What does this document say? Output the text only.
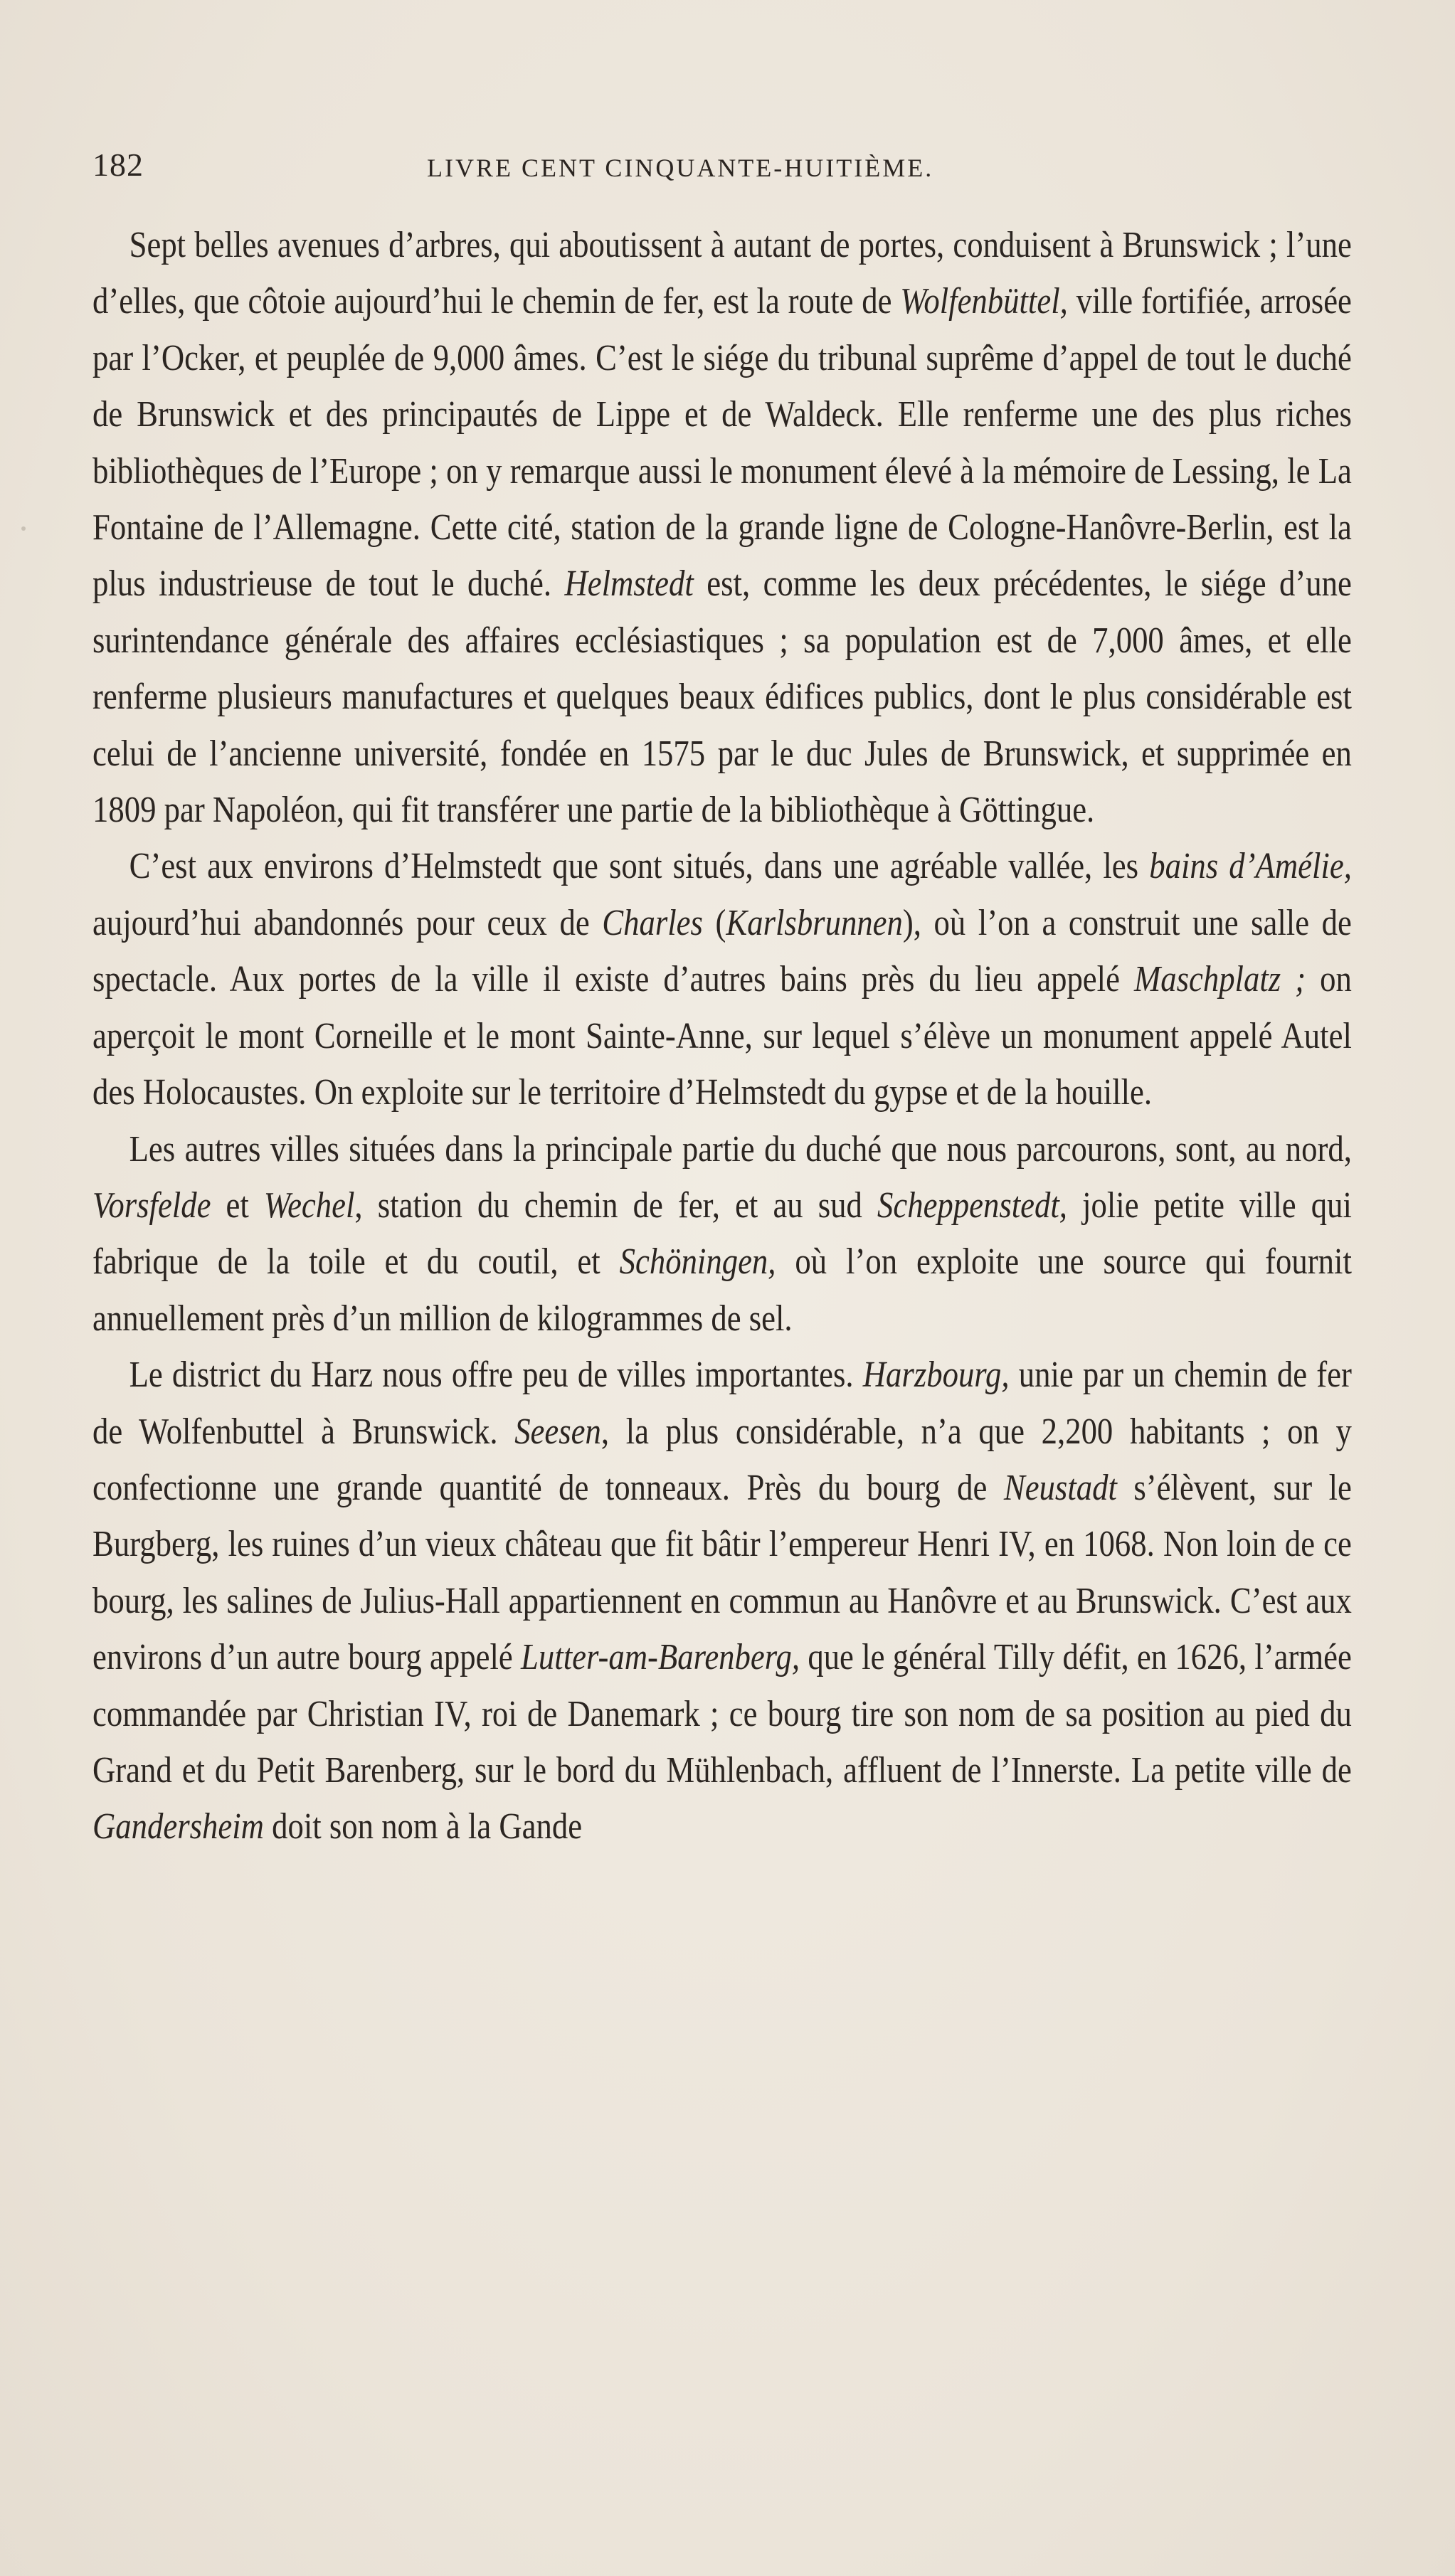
182	LIVRE CENT CINQUANTE-HUITIÈME.

Sept belles avenues d’arbres, qui aboutissent à autant de portes, conduisent à Brunswick ; l’une d’elles, que côtoie aujourd’hui le chemin de fer, est la route de Wolfenbüttel, ville fortifiée, arrosée par l’Ocker, et peuplée de 9,000 âmes. C’est le siége du tribunal suprême d’appel de tout le duché de Brunswick et des principautés de Lippe et de Waldeck. Elle renferme une des plus riches bibliothèques de l’Europe ; on y remarque aussi le monument élevé à la mémoire de Lessing, le La Fontaine de l’Allemagne. Cette cité, station de la grande ligne de Cologne-Hanôvre-Berlin, est la plus industrieuse de tout le duché. Helmstedt est, comme les deux précédentes, le siége d’une surintendance générale des affaires ecclésiastiques ; sa population est de 7,000 âmes, et elle renferme plusieurs manufactures et quelques beaux édifices publics, dont le plus considérable est celui de l’ancienne université, fondée en 1575 par le duc Jules de Brunswick, et supprimée en 1809 par Napoléon, qui fit transférer une partie de la bibliothèque à Göttingue.

C’est aux environs d’Helmstedt que sont situés, dans une agréable vallée, les bains d’Amélie, aujourd’hui abandonnés pour ceux de Charles (Karlsbrunnen), où l’on a construit une salle de spectacle. Aux portes de la ville il existe d’autres bains près du lieu appelé Maschplatz ; on aperçoit le mont Corneille et le mont Sainte-Anne, sur lequel s’élève un monument appelé Autel des Holocaustes. On exploite sur le territoire d’Helmstedt du gypse et de la houille.

Les autres villes situées dans la principale partie du duché que nous parcourons, sont, au nord, Vorsfelde et Wechel, station du chemin de fer, et au sud Scheppenstedt, jolie petite ville qui fabrique de la toile et du coutil, et Schöningen, où l’on exploite une source qui fournit annuellement près d’un million de kilogrammes de sel.

Le district du Harz nous offre peu de villes importantes. Harzbourg, unie par un chemin de fer de Wolfenbuttel à Brunswick. Seesen, la plus considérable, n’a que 2,200 habitants ; on y confectionne une grande quantité de tonneaux. Près du bourg de Neustadt s’élèvent, sur le Burgberg, les ruines d’un vieux château que fit bâtir l’empereur Henri IV, en 1068. Non loin de ce bourg, les salines de Julius-Hall appartiennent en commun au Hanôvre et au Brunswick. C’est aux environs d’un autre bourg appelé Lutter-am-Barenberg, que le général Tilly défit, en 1626, l’armée commandée par Christian IV, roi de Danemark ; ce bourg tire son nom de sa position au pied du Grand et du Petit Barenberg, sur le bord du Mühlenbach, affluent de l’Innerste. La petite ville de Gandersheim doit son nom à la Gande
